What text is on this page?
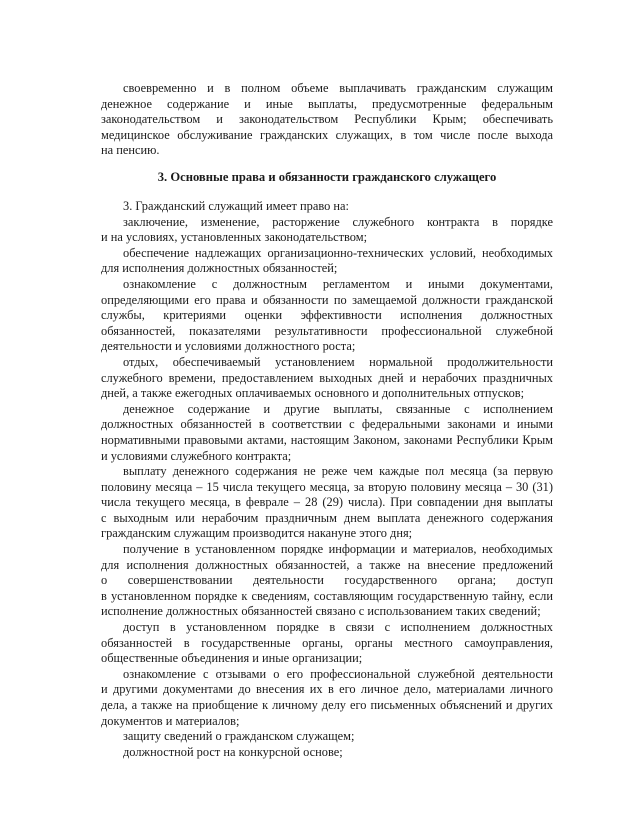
своевременно и в полном объеме выплачивать гражданским служащим
денежное содержание и иные выплаты, предусмотренные федеральным
законодательством и законодательством Республики Крым; обеспечивать
медицинское обслуживание гражданских служащих, в том числе после выхода
на пенсию.
3. Основные права и обязанности гражданского служащего
3. Гражданский служащий имеет право на:
заключение, изменение, расторжение служебного контракта в порядке
и на условиях, установленных законодательством;
обеспечение надлежащих организационно-технических условий, необходимых
для исполнения должностных обязанностей;
ознакомление с должностным регламентом и иными документами,
определяющими его права и обязанности по замещаемой должности гражданской
службы, критериями оценки эффективности исполнения должностных
обязанностей, показателями результативности профессиональной служебной
деятельности и условиями должностного роста;
отдых, обеспечиваемый установлением нормальной продолжительности
служебного времени, предоставлением выходных дней и нерабочих праздничных
дней, а также ежегодных оплачиваемых основного и дополнительных отпусков;
денежное содержание и другие выплаты, связанные с исполнением
должностных обязанностей в соответствии с федеральными законами и иными
нормативными правовыми актами, настоящим Законом, законами Республики Крым
и условиями служебного контракта;
выплату денежного содержания не реже чем каждые пол месяца (за первую
половину месяца – 15 числа текущего месяца, за вторую половину месяца – 30 (31)
числа текущего месяца, в феврале – 28 (29) числа). При совпадении дня выплаты
с выходным или нерабочим праздничным днем выплата денежного содержания
гражданским служащим производится накануне этого дня;
получение в установленном порядке информации и материалов, необходимых
для исполнения должностных обязанностей, а также на внесение предложений
о совершенствовании деятельности государственного органа; доступ
в установленном порядке к сведениям, составляющим государственную тайну, если
исполнение должностных обязанностей связано с использованием таких сведений;
доступ в установленном порядке в связи с исполнением должностных
обязанностей в государственные органы, органы местного самоуправления,
общественные объединения и иные организации;
ознакомление с отзывами о его профессиональной служебной деятельности
и другими документами до внесения их в его личное дело, материалами личного
дела, а также на приобщение к личному делу его письменных объяснений и других
документов и материалов;
защиту сведений о гражданском служащем;
должностной рост на конкурсной основе;
